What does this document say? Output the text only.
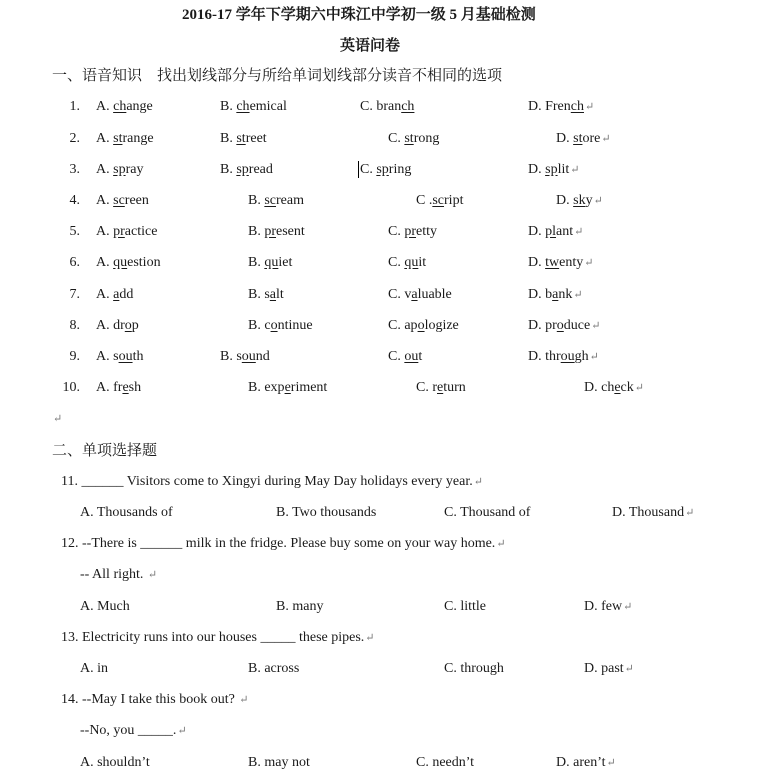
2016-17 学年下学期六中珠江中学初一级 5 月基础检测
英语问卷
一、语音知识　找出划线部分与所给单词划线部分读音不相同的选项
1. A. change	B. chemical	C. branch	D. French↵
2. A. strange	B. street	C. strong	D. store↵
3. A. spray	B. spread	C. spring	D. split↵
4. A. screen	B. scream	C .script	D. sky↵
5. A. practice	B. present	C. pretty	D. plant↵
6. A. question	B. quiet	C. quit	D. twenty↵
7. A. add	B. salt	C. valuable	D. bank↵
8. A. drop	B. continue	C. apologize	D. produce↵
9. A. south	B. sound	C. out	D. through↵
10. A. fresh	B. experiment	C. return	D. check↵
↵
二、单项选择题
11. ______ Visitors come to Xingyi during May Day holidays every year.↵
A. Thousands of	B. Two thousands	C. Thousand of	D. Thousand↵
12. --There is ______ milk in the fridge. Please buy some on your way home.↵
-- All right. ↵
A. Much	B. many	C. little	D. few↵
13. Electricity runs into our houses _____ these pipes.↵
A. in	B. across	C. through	D. past↵
14. --May I take this book out? ↵
--No, you _____.↵
A. shouldn’t	B. may not	C. needn’t	D. aren’t↵
